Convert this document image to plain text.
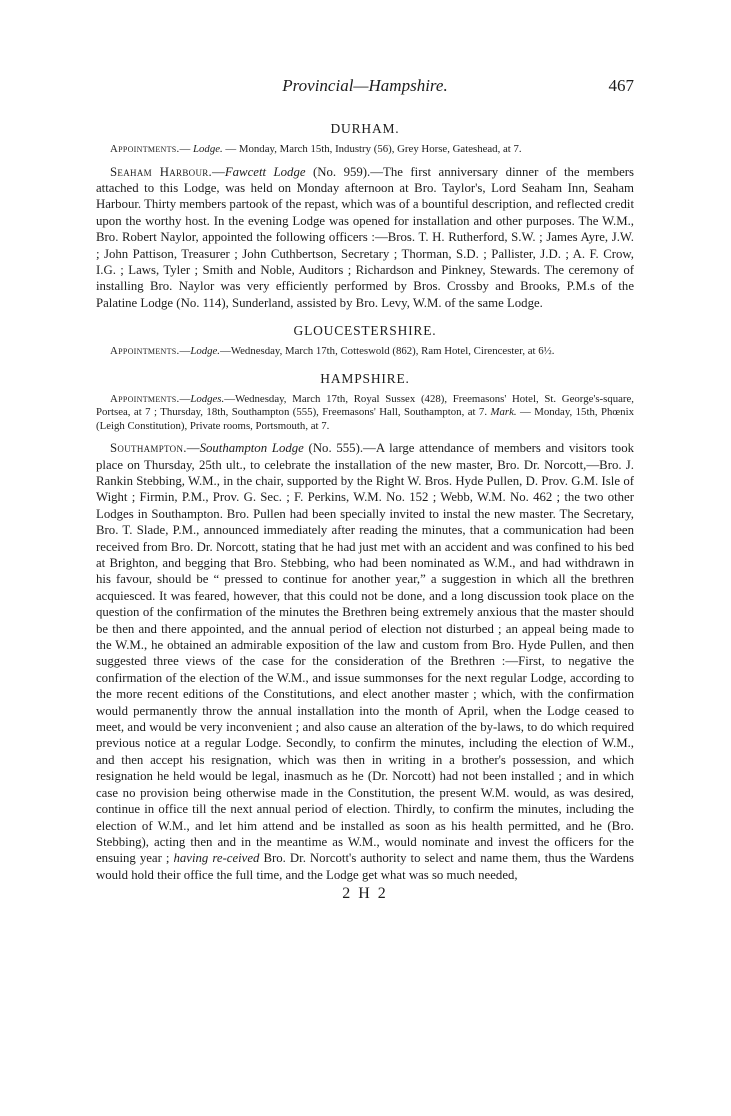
Provincial—Hampshire.	467
DURHAM.

Appointments.— Lodge. — Monday, March 15th, Industry (56), Grey Horse, Gateshead, at 7.

Seaham Harbour.—Fawcett Lodge (No. 959).—The first anniversary dinner of the members attached to this Lodge, was held on Monday afternoon at Bro. Taylor's, Lord Seaham Inn, Seaham Harbour. Thirty members partook of the repast, which was of a bountiful description, and reflected credit upon the worthy host. In the evening Lodge was opened for installation and other purposes. The W.M., Bro. Robert Naylor, appointed the following officers :—Bros. T. H. Rutherford, S.W. ; James Ayre, J.W. ; John Pattison, Treasurer ; John Cuthbertson, Secretary ; Thorman, S.D. ; Pallister, J.D. ; A. F. Crow, I.G. ; Laws, Tyler ; Smith and Noble, Auditors ; Richardson and Pinkney, Stewards. The ceremony of installing Bro. Naylor was very efficiently performed by Bros. Crossby and Brooks, P.M.s of the Palatine Lodge (No. 114), Sunderland, assisted by Bro. Levy, W.M. of the same Lodge.

GLOUCESTERSHIRE.

Appointments.—Lodge.—Wednesday, March 17th, Cotteswold (862), Ram Hotel, Cirencester, at 6½.

HAMPSHIRE.

Appointments.—Lodges.—Wednesday, March 17th, Royal Sussex (428), Freemasons' Hotel, St. George's-square, Portsea, at 7 ; Thursday, 18th, Southampton (555), Freemasons' Hall, Southampton, at 7. Mark. — Monday, 15th, Phœnix (Leigh Constitution), Private rooms, Portsmouth, at 7.

Southampton.—Southampton Lodge (No. 555).—A large attendance of members and visitors took place on Thursday, 25th ult., to celebrate the installation of the new master, Bro. Dr. Norcott,—Bro. J. Rankin Stebbing, W.M., in the chair, supported by the Right W. Bros. Hyde Pullen, D. Prov. G.M. Isle of Wight ; Firmin, P.M., Prov. G. Sec. ; F. Perkins, W.M. No. 152 ; Webb, W.M. No. 462 ; the two other Lodges in Southampton. Bro. Pullen had been specially invited to instal the new master. The Secretary, Bro. T. Slade, P.M., announced immediately after reading the minutes, that a communication had been received from Bro. Dr. Norcott, stating that he had just met with an accident and was confined to his bed at Brighton, and begging that Bro. Stebbing, who had been nominated as W.M., and had withdrawn in his favour, should be “ pressed to continue for another year,” a suggestion in which all the brethren acquiesced. It was feared, however, that this could not be done, and a long discussion took place on the question of the confirmation of the minutes the Brethren being extremely anxious that the master should be then and there appointed, and the annual period of election not disturbed ; an appeal being made to the W.M., he obtained an admirable exposition of the law and custom from Bro. Hyde Pullen, and then suggested three views of the case for the consideration of the Brethren :—First, to negative the confirmation of the election of the W.M., and issue summonses for the next regular Lodge, according to the more recent editions of the Constitutions, and elect another master ; which, with the confirmation would permanently throw the annual installation into the month of April, when the Lodge ceased to meet, and would be very inconvenient ; and also cause an alteration of the by-laws, to do which required previous notice at a regular Lodge. Secondly, to confirm the minutes, including the election of W.M., and then accept his resignation, which was then in writing in a brother's possession, and which resignation he held would be legal, inasmuch as he (Dr. Norcott) had not been installed ; and in which case no provision being otherwise made in the Constitution, the present W.M. would, as was desired, continue in office till the next annual period of election. Thirdly, to confirm the minutes, including the election of W.M., and let him attend and be installed as soon as his health permitted, and he (Bro. Stebbing), acting then and in the meantime as W.M., would nominate and invest the officers for the ensuing year ; having re-ceived Bro. Dr. Norcott's authority to select and name them, thus the Wardens would hold their office the full time, and the Lodge get what was so much needed,

2 H 2
